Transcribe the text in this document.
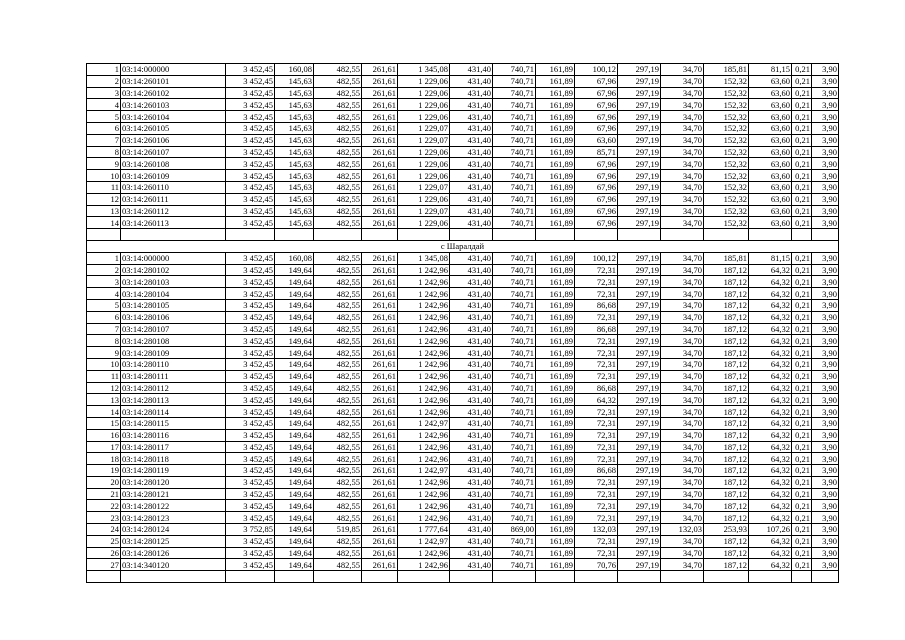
1	03:14:000000	3 452,45	160,08	482,55	261,61	1 345,08	431,40	740,71	161,89	100,12	297,19	34,70	185,81	81,15	0,21	3,90
2	03:14:260101	3 452,45	145,63	482,55	261,61	1 229,06	431,40	740,71	161,89	67,96	297,19	34,70	152,32	63,60	0,21	3,90
3	03:14:260102	3 452,45	145,63	482,55	261,61	1 229,06	431,40	740,71	161,89	67,96	297,19	34,70	152,32	63,60	0,21	3,90
4	03:14:260103	3 452,45	145,63	482,55	261,61	1 229,06	431,40	740,71	161,89	67,96	297,19	34,70	152,32	63,60	0,21	3,90
5	03:14:260104	3 452,45	145,63	482,55	261,61	1 229,06	431,40	740,71	161,89	67,96	297,19	34,70	152,32	63,60	0,21	3,90
6	03:14:260105	3 452,45	145,63	482,55	261,61	1 229,07	431,40	740,71	161,89	67,96	297,19	34,70	152,32	63,60	0,21	3,90
7	03:14:260106	3 452,45	145,63	482,55	261,61	1 229,07	431,40	740,71	161,89	63,60	297,19	34,70	152,32	63,60	0,21	3,90
8	03:14:260107	3 452,45	145,63	482,55	261,61	1 229,06	431,40	740,71	161,89	85,71	297,19	34,70	152,32	63,60	0,21	3,90
9	03:14:260108	3 452,45	145,63	482,55	261,61	1 229,06	431,40	740,71	161,89	67,96	297,19	34,70	152,32	63,60	0,21	3,90
10	03:14:260109	3 452,45	145,63	482,55	261,61	1 229,06	431,40	740,71	161,89	67,96	297,19	34,70	152,32	63,60	0,21	3,90
11	03:14:260110	3 452,45	145,63	482,55	261,61	1 229,07	431,40	740,71	161,89	67,96	297,19	34,70	152,32	63,60	0,21	3,90
12	03:14:260111	3 452,45	145,63	482,55	261,61	1 229,06	431,40	740,71	161,89	67,96	297,19	34,70	152,32	63,60	0,21	3,90
13	03:14:260112	3 452,45	145,63	482,55	261,61	1 229,07	431,40	740,71	161,89	67,96	297,19	34,70	152,32	63,60	0,21	3,90
14	03:14:260113	3 452,45	145,63	482,55	261,61	1 229,06	431,40	740,71	161,89	67,96	297,19	34,70	152,32	63,60	0,21	3,90

с Шаралдай																
1	03:14:000000	3 452,45	160,08	482,55	261,61	1 345,08	431,40	740,71	161,89	100,12	297,19	34,70	185,81	81,15	0,21	3,90
2	03:14:280102	3 452,45	149,64	482,55	261,61	1 242,96	431,40	740,71	161,89	72,31	297,19	34,70	187,12	64,32	0,21	3,90
3	03:14:280103	3 452,45	149,64	482,55	261,61	1 242,96	431,40	740,71	161,89	72,31	297,19	34,70	187,12	64,32	0,21	3,90
4	03:14:280104	3 452,45	149,64	482,55	261,61	1 242,96	431,40	740,71	161,89	72,31	297,19	34,70	187,12	64,32	0,21	3,90
5	03:14:280105	3 452,45	149,64	482,55	261,61	1 242,96	431,40	740,71	161,89	86,68	297,19	34,70	187,12	64,32	0,21	3,90
6	03:14:280106	3 452,45	149,64	482,55	261,61	1 242,96	431,40	740,71	161,89	72,31	297,19	34,70	187,12	64,32	0,21	3,90
7	03:14:280107	3 452,45	149,64	482,55	261,61	1 242,96	431,40	740,71	161,89	86,68	297,19	34,70	187,12	64,32	0,21	3,90
8	03:14:280108	3 452,45	149,64	482,55	261,61	1 242,96	431,40	740,71	161,89	72,31	297,19	34,70	187,12	64,32	0,21	3,90
9	03:14:280109	3 452,45	149,64	482,55	261,61	1 242,96	431,40	740,71	161,89	72,31	297,19	34,70	187,12	64,32	0,21	3,90
10	03:14:280110	3 452,45	149,64	482,55	261,61	1 242,96	431,40	740,71	161,89	72,31	297,19	34,70	187,12	64,32	0,21	3,90
11	03:14:280111	3 452,45	149,64	482,55	261,61	1 242,96	431,40	740,71	161,89	72,31	297,19	34,70	187,12	64,32	0,21	3,90
12	03:14:280112	3 452,45	149,64	482,55	261,61	1 242,96	431,40	740,71	161,89	86,68	297,19	34,70	187,12	64,32	0,21	3,90
13	03:14:280113	3 452,45	149,64	482,55	261,61	1 242,96	431,40	740,71	161,89	64,32	297,19	34,70	187,12	64,32	0,21	3,90
14	03:14:280114	3 452,45	149,64	482,55	261,61	1 242,96	431,40	740,71	161,89	72,31	297,19	34,70	187,12	64,32	0,21	3,90
15	03:14:280115	3 452,45	149,64	482,55	261,61	1 242,97	431,40	740,71	161,89	72,31	297,19	34,70	187,12	64,32	0,21	3,90
16	03:14:280116	3 452,45	149,64	482,55	261,61	1 242,96	431,40	740,71	161,89	72,31	297,19	34,70	187,12	64,32	0,21	3,90
17	03:14:280117	3 452,45	149,64	482,55	261,61	1 242,96	431,40	740,71	161,89	72,31	297,19	34,70	187,12	64,32	0,21	3,90
18	03:14:280118	3 452,45	149,64	482,55	261,61	1 242,96	431,40	740,71	161,89	72,31	297,19	34,70	187,12	64,32	0,21	3,90
19	03:14:280119	3 452,45	149,64	482,55	261,61	1 242,97	431,40	740,71	161,89	86,68	297,19	34,70	187,12	64,32	0,21	3,90
20	03:14:280120	3 452,45	149,64	482,55	261,61	1 242,96	431,40	740,71	161,89	72,31	297,19	34,70	187,12	64,32	0,21	3,90
21	03:14:280121	3 452,45	149,64	482,55	261,61	1 242,96	431,40	740,71	161,89	72,31	297,19	34,70	187,12	64,32	0,21	3,90
22	03:14:280122	3 452,45	149,64	482,55	261,61	1 242,96	431,40	740,71	161,89	72,31	297,19	34,70	187,12	64,32	0,21	3,90
23	03:14:280123	3 452,45	149,64	482,55	261,61	1 242,96	431,40	740,71	161,89	72,31	297,19	34,70	187,12	64,32	0,21	3,90
24	03:14:280124	3 752,85	149,64	519,85	261,61	1 777,64	431,40	869,00	161,89	132,03	297,19	132,03	253,93	107,26	0,21	3,90
25	03:14:280125	3 452,45	149,64	482,55	261,61	1 242,97	431,40	740,71	161,89	72,31	297,19	34,70	187,12	64,32	0,21	3,90
26	03:14:280126	3 452,45	149,64	482,55	261,61	1 242,96	431,40	740,71	161,89	72,31	297,19	34,70	187,12	64,32	0,21	3,90
27	03:14:340120	3 452,45	149,64	482,55	261,61	1 242,96	431,40	740,71	161,89	70,76	297,19	34,70	187,12	64,32	0,21	3,90
